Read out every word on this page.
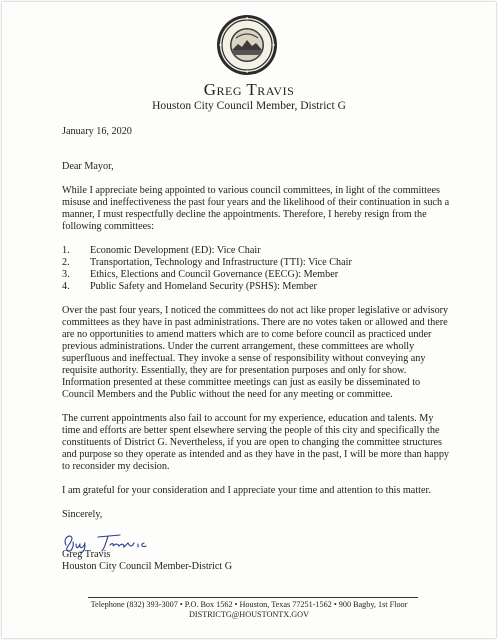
Greg Travis
Houston City Council Member, District G

January 16, 2020

Dear Mayor,

While I appreciate being appointed to various council committees, in light of the committees misuse and ineffectiveness the past four years and the likelihood of their continuation in such a manner, I must respectfully decline the appointments. Therefore, I hereby resign from the following committees:

1.	Economic Development (ED): Vice Chair
2.	Transportation, Technology and Infrastructure (TTI): Vice Chair
3.	Ethics, Elections and Council Governance (EECG): Member
4.	Public Safety and Homeland Security (PSHS): Member

Over the past four years, I noticed the committees do not act like proper legislative or advisory committees as they have in past administrations. There are no votes taken or allowed and there are no opportunities to amend matters which are to come before council as practiced under previous administrations. Under the current arrangement, these committees are wholly superfluous and ineffectual. They invoke a sense of responsibility without conveying any requisite authority. Essentially, they are for presentation purposes and only for show. Information presented at these committee meetings can just as easily be disseminated to Council Members and the Public without the need for any meeting or committee.

The current appointments also fail to account for my experience, education and talents. My time and efforts are better spent elsewhere serving the people of this city and specifically the constituents of District G. Nevertheless, if you are open to changing the committee structures and purpose so they operate as intended and as they have in the past, I will be more than happy to reconsider my decision.

I am grateful for your consideration and I appreciate your time and attention to this matter.

Sincerely,

Greg Travis

Houston City Council Member-District G

Telephone (832) 393-3007 • P.O. Box 1562 • Houston, Texas 77251-1562 • 900 Bagby, 1st Floor
DISTRICTG@HOUSTONTX.GOV
